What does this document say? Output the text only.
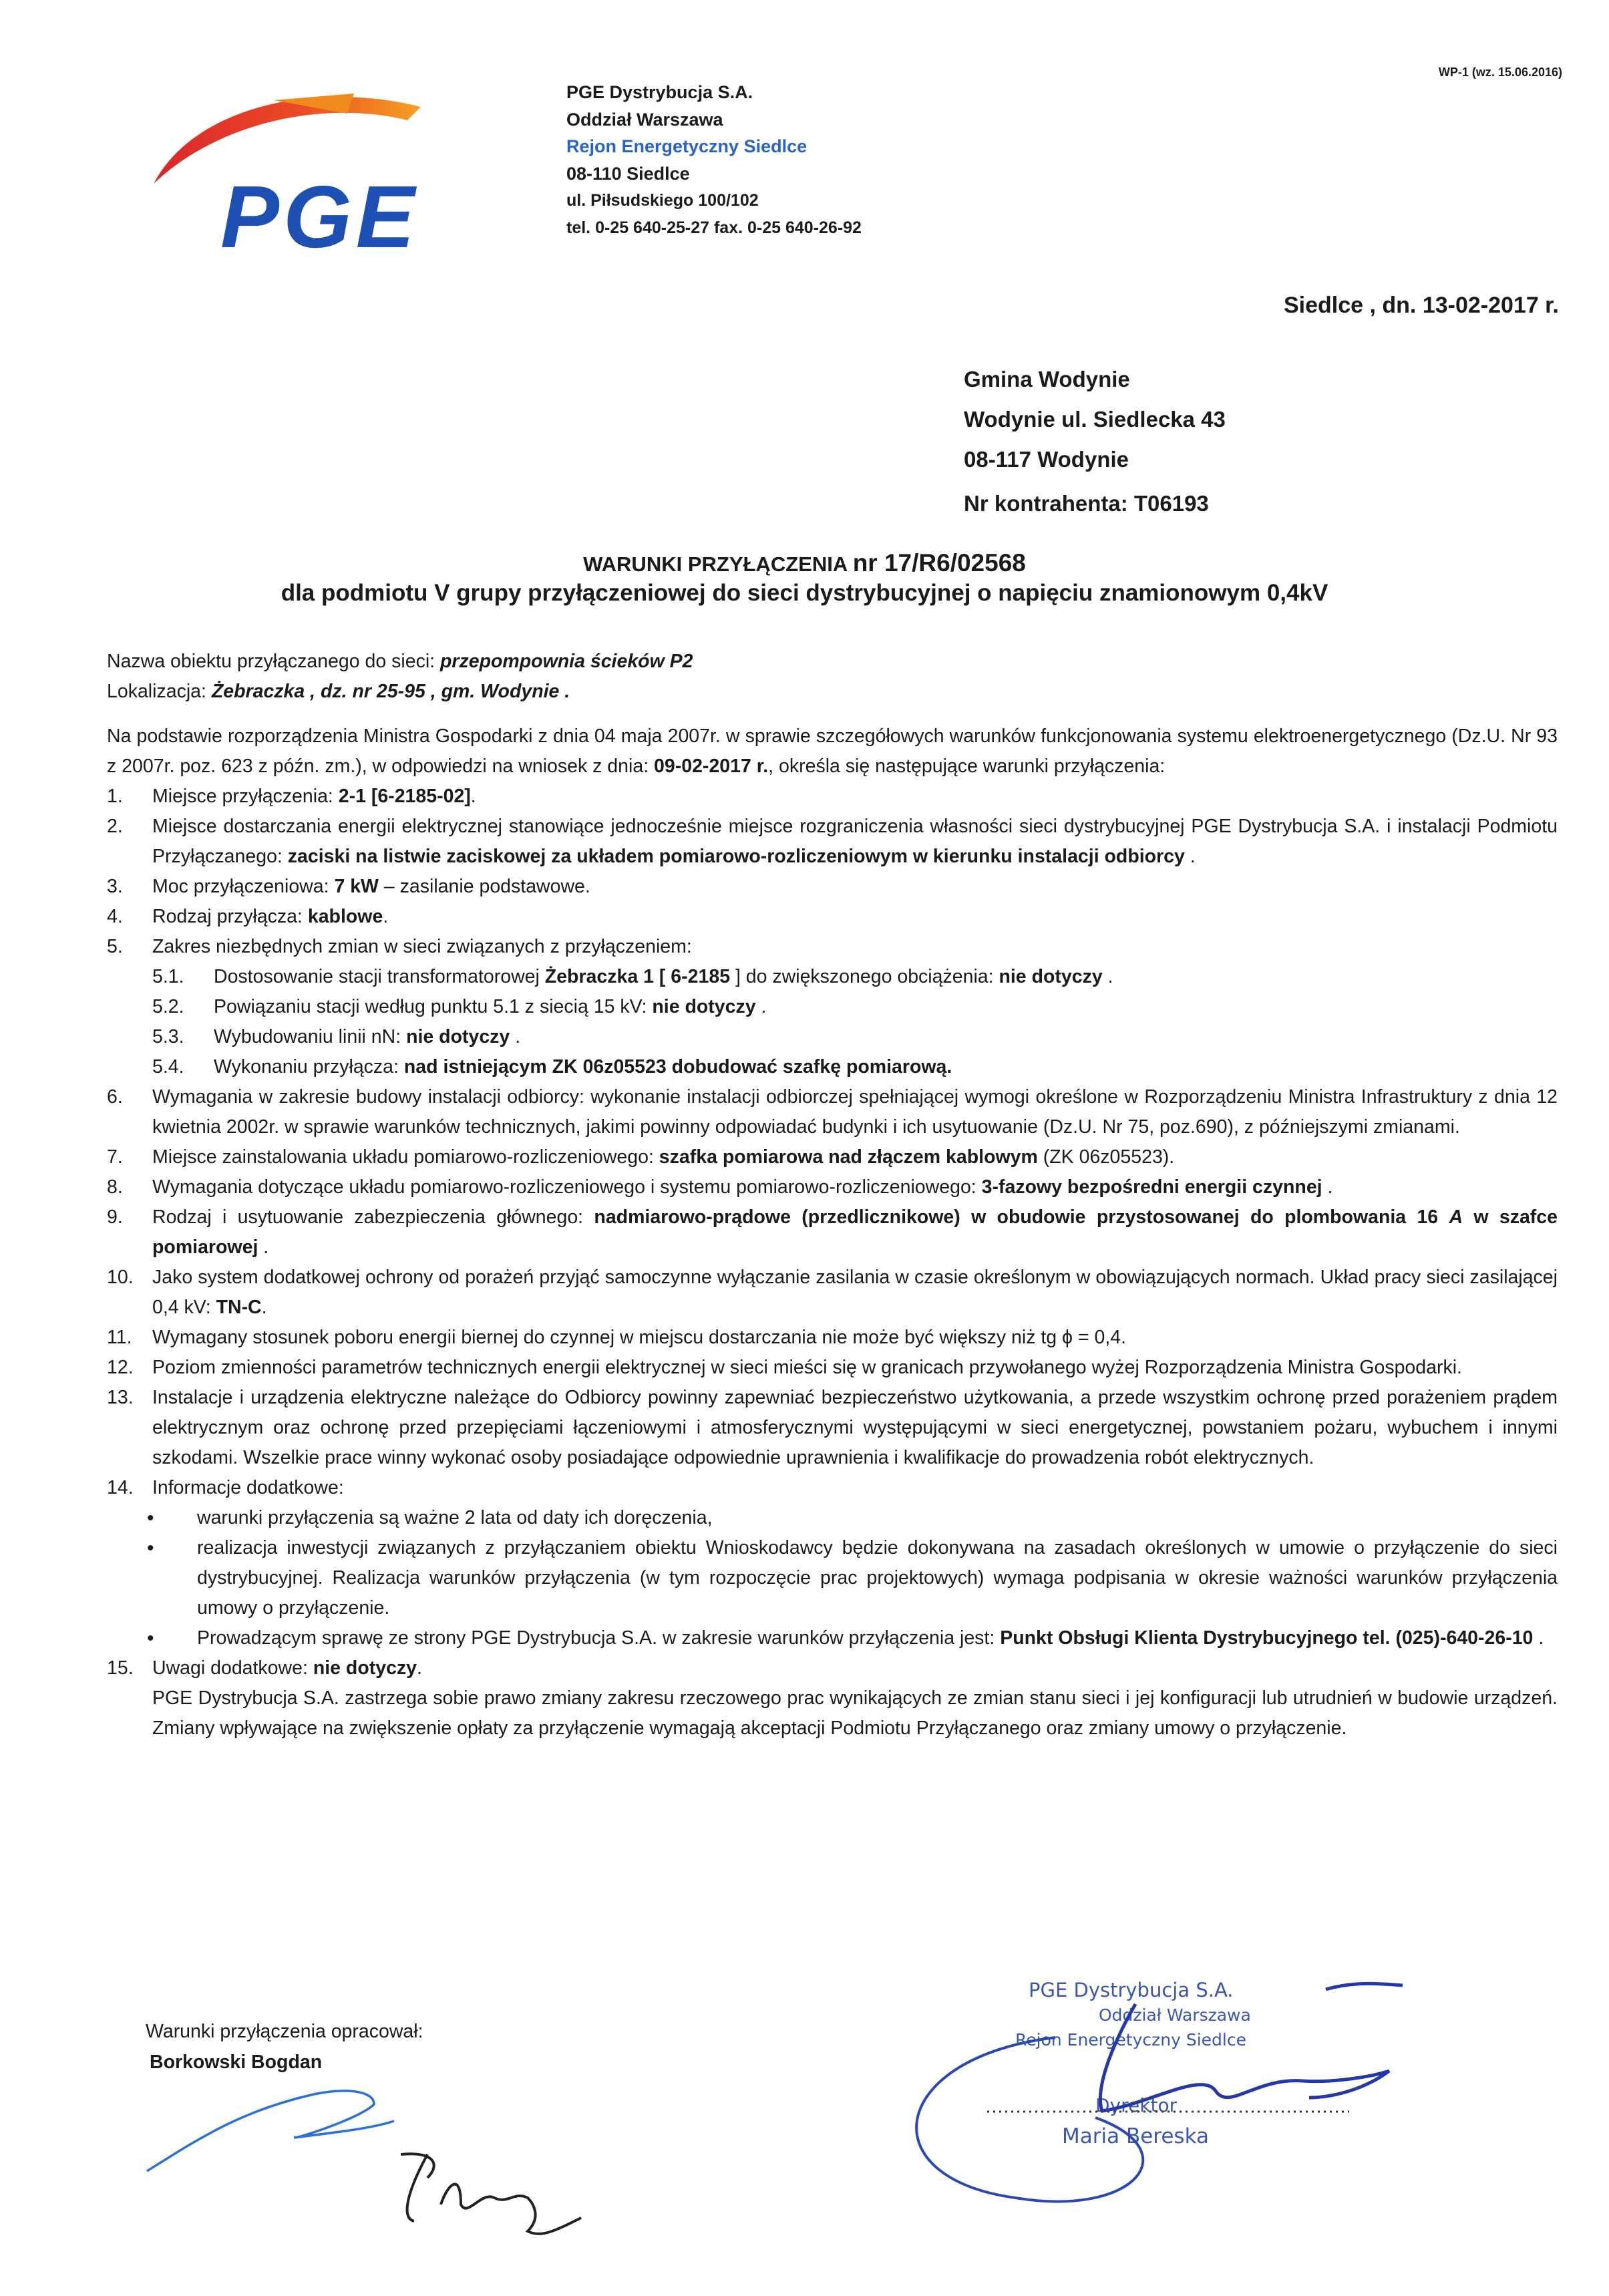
PGE
PGE Dystrybucja S.A.
Oddział Warszawa
Rejon Energetyczny Siedlce
08-110 Siedlce
ul. Piłsudskiego 100/102
tel. 0-25 640-25-27 fax. 0-25 640-26-92
WP-1 (wz. 15.06.2016)
Siedlce , dn. 13-02-2017 r.
Gmina Wodynie
Wodynie ul. Siedlecka 43
08-117 Wodynie
Nr kontrahenta: T06193
WARUNKI PRZYŁĄCZENIA nr 17/R6/02568
dla podmiotu V grupy przyłączeniowej do sieci dystrybucyjnej o napięciu znamionowym 0,4kV

Nazwa obiektu przyłączanego do sieci: przepompownia ścieków P2

Lokalizacja: Żebraczka , dz. nr 25-95 , gm. Wodynie .

Na podstawie rozporządzenia Ministra Gospodarki z dnia 04 maja 2007r. w sprawie szczegółowych warunków funkcjonowania systemu elektroenergetycznego (Dz.U. Nr 93 z 2007r. poz. 623 z późn. zm.), w odpowiedzi na wniosek z dnia: 09-02-2017 r., określa się następujące warunki przyłączenia:

1.	Miejsce przyłączenia: 2-1 [6-2185-02].
2.	Miejsce dostarczania energii elektrycznej stanowiące jednocześnie miejsce rozgraniczenia własności sieci dystrybucyjnej PGE Dystrybucja S.A. i instalacji Podmiotu Przyłączanego: zaciski na listwie zaciskowej za układem pomiarowo-rozliczeniowym w kierunku instalacji odbiorcy .
3.	Moc przyłączeniowa: 7 kW – zasilanie podstawowe.
4.	Rodzaj przyłącza: kablowe.
5.	Zakres niezbędnych zmian w sieci związanych z przyłączeniem:
5.1. Dostosowanie stacji transformatorowej Żebraczka 1 [ 6-2185 ] do zwiększonego obciążenia: nie dotyczy .
5.2. Powiązaniu stacji według punktu 5.1 z siecią 15 kV: nie dotyczy .
5.3. Wybudowaniu linii nN: nie dotyczy .
5.4. Wykonaniu przyłącza: nad istniejącym ZK 06z05523 dobudować szafkę pomiarową.
6.	Wymagania w zakresie budowy instalacji odbiorcy: wykonanie instalacji odbiorczej spełniającej wymogi określone w Rozporządzeniu Ministra Infrastruktury z dnia 12 kwietnia 2002r. w sprawie warunków technicznych, jakimi powinny odpowiadać budynki i ich usytuowanie (Dz.U. Nr 75, poz.690), z późniejszymi zmianami.
7.	Miejsce zainstalowania układu pomiarowo-rozliczeniowego: szafka pomiarowa nad złączem kablowym (ZK 06z05523).
8.	Wymagania dotyczące układu pomiarowo-rozliczeniowego i systemu pomiarowo-rozliczeniowego: 3-fazowy bezpośredni energii czynnej .
9.	Rodzaj i usytuowanie zabezpieczenia głównego: nadmiarowo-prądowe (przedlicznikowe) w obudowie przystosowanej do plombowania 16 A w szafce pomiarowej .
10. Jako system dodatkowej ochrony od porażeń przyjąć samoczynne wyłączanie zasilania w czasie określonym w obowiązujących normach. Układ pracy sieci zasilającej 0,4 kV: TN-C.
11.	Wymagany stosunek poboru energii biernej do czynnej w miejscu dostarczania nie może być większy niż tg ϕ = 0,4.
12. Poziom zmienności parametrów technicznych energii elektrycznej w sieci mieści się w granicach przywołanego wyżej Rozporządzenia Ministra Gospodarki.
13. Instalacje i urządzenia elektryczne należące do Odbiorcy powinny zapewniać bezpieczeństwo użytkowania, a przede wszystkim ochronę przed porażeniem prądem elektrycznym oraz ochronę przed przepięciami łączeniowymi i atmosferycznymi występującymi w sieci energetycznej, powstaniem pożaru, wybuchem i innymi szkodami. Wszelkie prace winny wykonać osoby posiadające odpowiednie uprawnienia i kwalifikacje do prowadzenia robót elektrycznych.
14. Informacje dodatkowe:
• warunki przyłączenia są ważne 2 lata od daty ich doręczenia,
• realizacja inwestycji związanych z przyłączaniem obiektu Wnioskodawcy będzie dokonywana na zasadach określonych w umowie o przyłączenie do sieci dystrybucyjnej. Realizacja warunków przyłączenia (w tym rozpoczęcie prac projektowych) wymaga podpisania w okresie ważności warunków przyłączenia umowy o przyłączenie.
• Prowadzącym sprawę ze strony PGE Dystrybucja S.A. w zakresie warunków przyłączenia jest: Punkt Obsługi Klienta Dystrybucyjnego tel. (025)-640-26-10 .
15. Uwagi dodatkowe: nie dotyczy.
PGE Dystrybucja S.A. zastrzega sobie prawo zmiany zakresu rzeczowego prac wynikających ze zmian stanu sieci i jej konfiguracji lub utrudnień w budowie urządzeń. Zmiany wpływające na zwiększenie opłaty za przyłączenie wymagają akceptacji Podmiotu Przyłączanego oraz zmiany umowy o przyłączenie.
Warunki przyłączenia opracował:
Borkowski Bogdan
PGE Dystrybucja S.A.
Oddział Warszawa
Rejon Energetyczny Siedlce
Dyrektor
Maria Bereska
